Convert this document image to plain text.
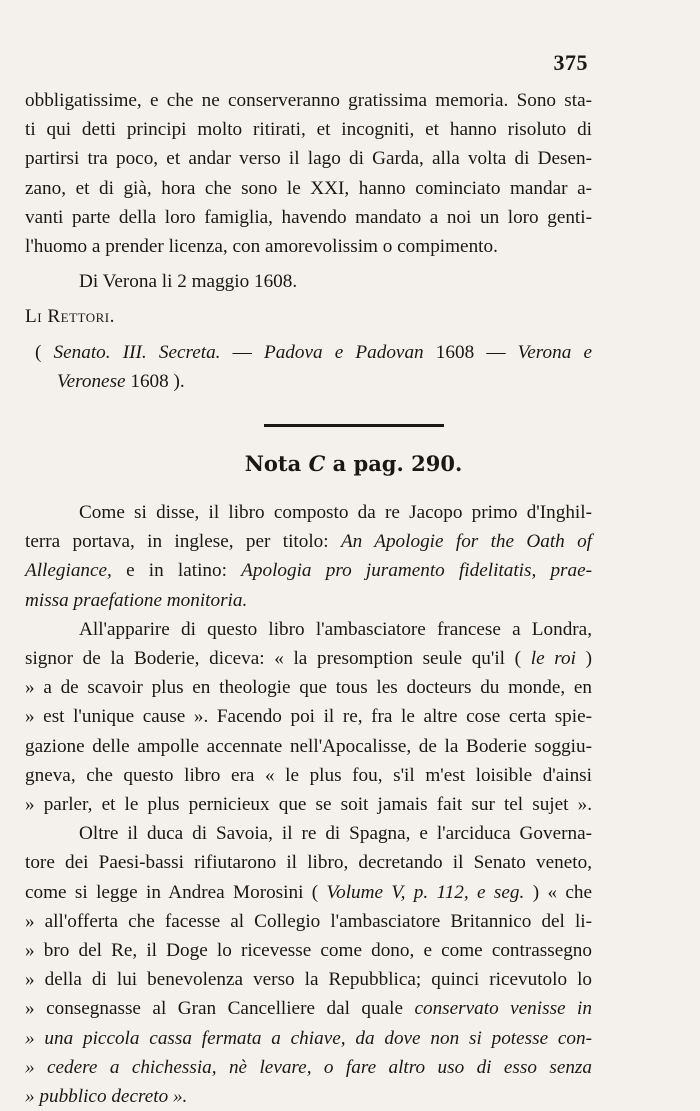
375
obbligatissime, e che ne conserveranno gratissima memoria. Sono sta-
ti qui detti principi molto ritirati, et incogniti, et hanno risoluto di
partirsi tra poco, et andar verso il lago di Garda, alla volta di Desen-
zano, et di già, hora che sono le XXI, hanno cominciato mandar a-
vanti parte della loro famiglia, havendo mandato a noi un loro genti-
l'huomo a prender licenza, con amorevolissim o compimento.
Di Verona li 2 maggio 1608.
Li Rettori.
( Senato. III. Secreta. — Padova e Padovan 1608 — Verona e
Veronese 1608 ).
Nota C a pag. 290.
Come si disse, il libro composto da re Jacopo primo d'Inghil-
terra portava, in inglese, per titolo: An Apologie for the Oath of
Allegiance, e in latino: Apologia pro juramento fidelitatis, prae-
missa praefatione monitoria.
All'apparire di questo libro l'ambasciatore francese a Londra,
signor de la Boderie, diceva: « la presomption seule qu'il ( le roi )
» a de scavoir plus en theologie que tous les docteurs du monde, en
» est l'unique cause ». Facendo poi il re, fra le altre cose certa spie-
gazione delle ampolle accennate nell'Apocalisse, de la Boderie soggiu-
gneva, che questo libro era « le plus fou, s'il m'est loisible d'ainsi
» parler, et le plus pernicieux que se soit jamais fait sur tel sujet ».
Oltre il duca di Savoia, il re di Spagna, e l'arciduca Governa-
tore dei Paesi-bassi rifiutarono il libro, decretando il Senato veneto,
come si legge in Andrea Morosini ( Volume V, p. 112, e seg. ) « che
» all'offerta che facesse al Collegio l'ambasciatore Britannico del li-
» bro del Re, il Doge lo ricevesse come dono, e come contrassegno
» della di lui benevolenza verso la Repubblica; quinci ricevutolo lo
» consegnasse al Gran Cancelliere dal quale conservato venisse in
» una piccola cassa fermata a chiave, da dove non si potesse con-
» cedere a chichessia, nè levare, o fare altro uso di esso senza
» pubblico decreto ».
